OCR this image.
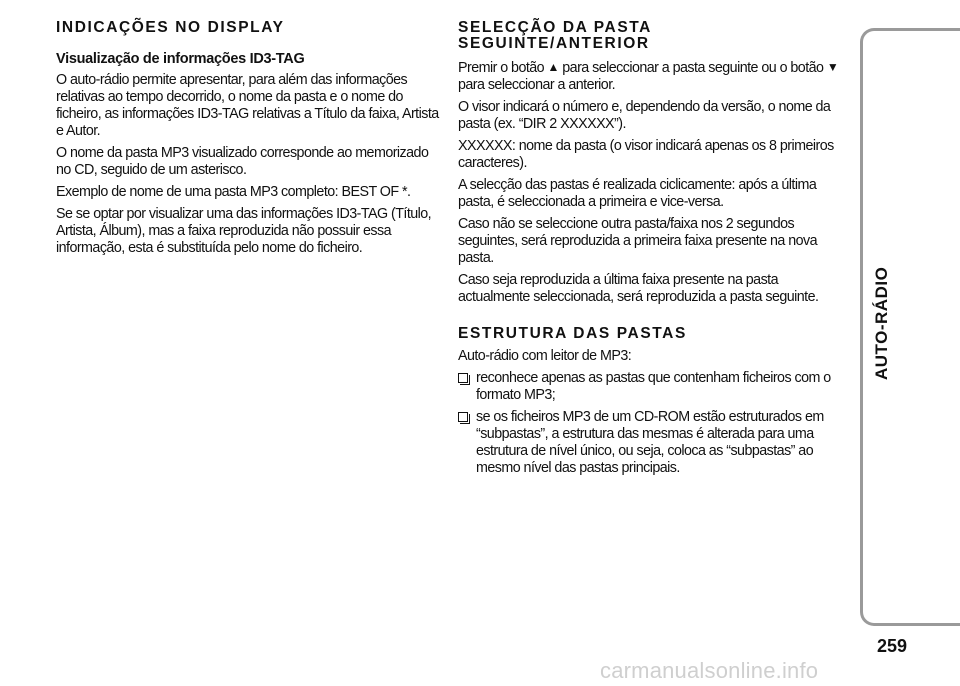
INDICAÇÕES NO DISPLAY
Visualização de informações ID3-TAG

O auto-rádio permite apresentar, para além das informações relativas ao tempo decorrido, o nome da pasta e o nome do ficheiro, as informações ID3-TAG relativas a Título da faixa, Artista e Autor.

O nome da pasta MP3 visualizado corresponde ao memorizado no CD, seguido de um asterisco.

Exemplo de nome de uma pasta MP3 completo: BEST OF *.

Se se optar por visualizar uma das informações ID3-TAG (Título, Artista, Álbum), mas a faixa reproduzida não possuir essa informação, esta é substituída pelo nome do ficheiro.

SELECÇÃO DA PASTA
SEGUINTE/ANTERIOR

Premir o botão ▲ para seleccionar a pasta seguinte ou o botão ▼ para seleccionar a anterior.

O visor indicará o número e, dependendo da versão, o nome da pasta (ex. “DIR 2 XXXXXX”).

XXXXXX: nome da pasta (o visor indicará apenas os 8 primeiros caracteres).

A selecção das pastas é realizada ciclicamente: após a última pasta, é seleccionada a primeira e vice-versa.

Caso não se seleccione outra pasta/faixa nos 2 segundos seguintes, será reproduzida a primeira faixa presente na nova pasta.

Caso seja reproduzida a última faixa presente na pasta actualmente seleccionada, será reproduzida a pasta seguinte.

ESTRUTURA DAS PASTAS

Auto-rádio com leitor de MP3:

reconhece apenas as pastas que contenham ficheiros com o formato MP3;
se os ficheiros MP3 de um CD-ROM estão estruturados em “subpastas”, a estrutura das mesmas é alterada para uma estrutura de nível único, ou seja, coloca as “subpastas” ao mesmo nível das pastas principais.
AUTO-RÁDIO
259
carmanualsonline.info
